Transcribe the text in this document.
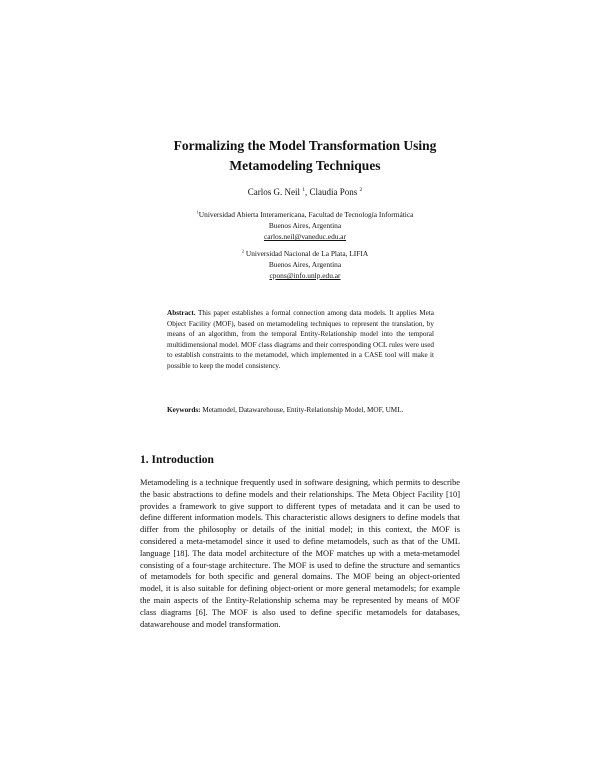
Formalizing the Model Transformation Using
Metamodeling Techniques
Carlos G. Neil $^1$, Claudia Pons $^2$
$^1$Universidad Abierta Interamericana, Facultad de Tecnología Informática
Buenos Aires, Argentina
carlos.neil@vaneduc.edu.ar
$^2$ Universidad Nacional de La Plata, LIFIA
Buenos Aires, Argentina
cpons@info.unlp.edu.ar
Abstract. This paper establishes a formal connection among data models. It applies Meta Object Facility (MOF), based on metamodeling techniques to represent the translation, by means of an algorithm, from the temporal Entity-Relationship model into the temporal multidimensional model. MOF class diagrams and their corresponding OCL rules were used to establish constraints to the metamodel, which implemented in a CASE tool will make it possible to keep the model consistency.
Keywords: Metamodel, Datawarehouse, Entity-Relationship Model, MOF, UML.
1. Introduction
Metamodeling is a technique frequently used in software designing, which permits to describe the basic abstractions to define models and their relationships. The Meta Object Facility [10] provides a framework to give support to different types of metadata and it can be used to define different information models. This characteristic allows designers to define models that differ from the philosophy or details of the initial model; in this context, the MOF is considered a meta-metamodel since it used to define metamodels, such as that of the UML language [18]. The data model architecture of the MOF matches up with a meta-metamodel consisting of a four-stage architecture. The MOF is used to define the structure and semantics of metamodels for both specific and general domains. The MOF being an object-oriented model, it is also suitable for defining object-orient or more general metamodels; for example the main aspects of the Entity-Relationship schema may be represented by means of MOF class diagrams [6]. The MOF is also used to define specific metamodels for databases, datawarehouse and model transformation.
